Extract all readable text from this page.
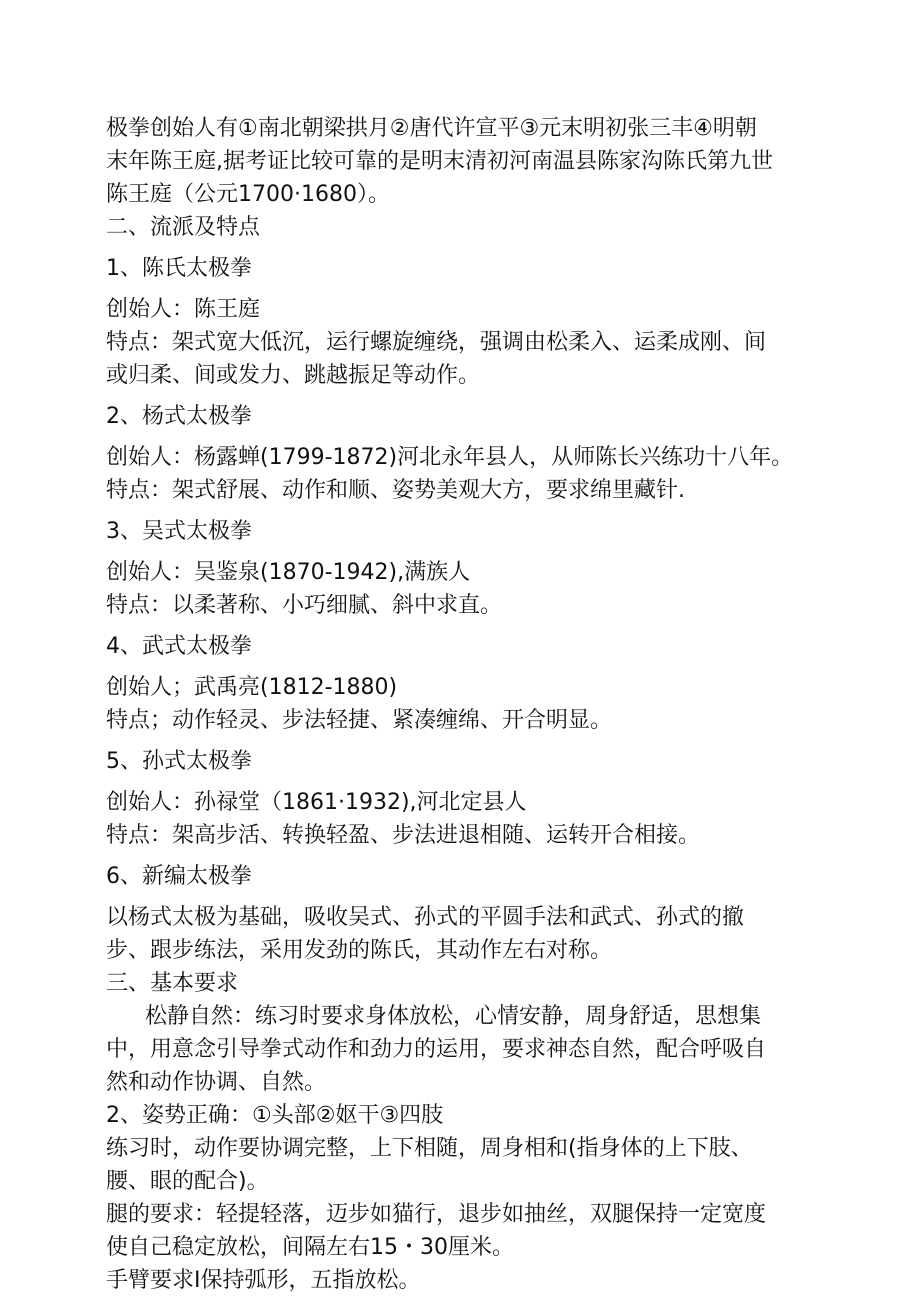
极拳创始人有①南北朝梁拱月②唐代许宣平③元末明初张三丰④明朝
末年陈王庭,据考证比较可靠的是明末清初河南温县陈家沟陈氏第九世
陈王庭（公元1700·1680）。
二、流派及特点
1、陈氏太极拳
创始人：陈王庭
特点：架式宽大低沉，运行螺旋缠绕，强调由松柔入、运柔成刚、间
或归柔、间或发力、跳越振足等动作。
2、杨式太极拳
创始人：杨露蝉(1799-1872)河北永年县人，从师陈长兴练功十八年。
特点：架式舒展、动作和顺、姿势美观大方，要求绵里藏针.
3、吴式太极拳
创始人：吴鉴泉(1870-1942),满族人
特点：以柔著称、小巧细腻、斜中求直。
4、武式太极拳
创始人；武禹亮(1812-1880)
特点；动作轻灵、步法轻捷、紧凑缠绵、开合明显。
5、孙式太极拳
创始人：孙禄堂（1861·1932),河北定县人
特点：架高步活、转换轻盈、步法进退相随、运转开合相接。
6、新编太极拳
以杨式太极为基础，吸收吴式、孙式的平圆手法和武式、孙式的撤
步、跟步练法，采用发劲的陈氏，其动作左右对称。
三、基本要求
松静自然：练习时要求身体放松，心情安静，周身舒适，思想集
中，用意念引导拳式动作和劲力的运用，要求神态自然，配合呼吸自
然和动作协调、自然。
2、姿势正确：①头部②妪干③四肢
练习时，动作要协调完整，上下相随，周身相和(指身体的上下肢、
腰、眼的配合)。
腿的要求：轻提轻落，迈步如猫行，退步如抽丝，双腿保持一定宽度
使自己稳定放松，间隔左右15・30厘米。
手臂要求I保持弧形，五指放松。
